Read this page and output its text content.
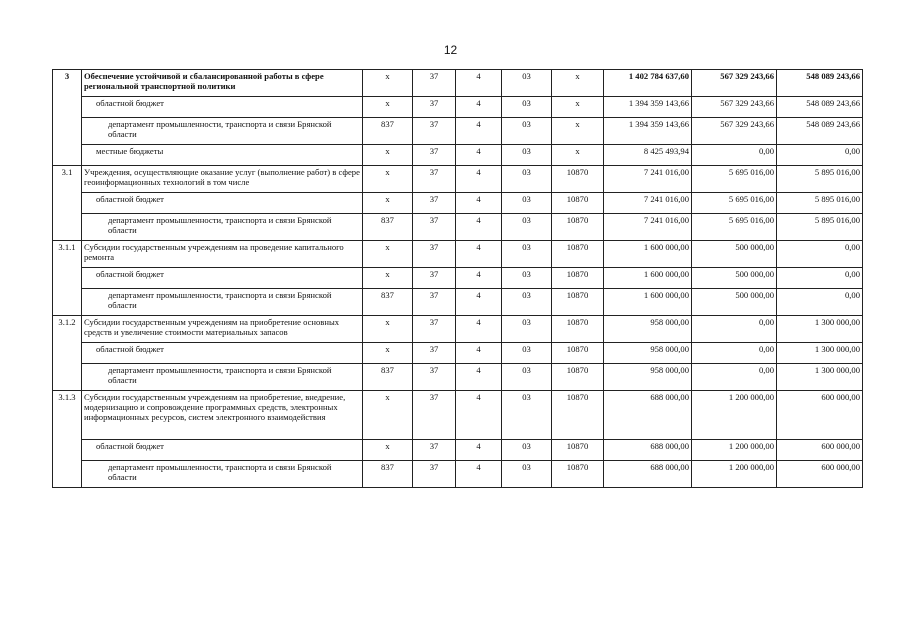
12
3	Обеспечение устойчивой и сбалансированной работы в сфере региональной транспортной политики	х	37	4	03	х	1 402 784 637,60	567 329 243,66	548 089 243,66
	областной бюджет	х	37	4	03	х	1 394 359 143,66	567 329 243,66	548 089 243,66
	департамент промышленности, транспорта и связи Брянской области	837	37	4	03	х	1 394 359 143,66	567 329 243,66	548 089 243,66
	местные бюджеты	х	37	4	03	х	8 425 493,94	0,00	0,00
3.1	Учреждения, осуществляющие оказание услуг (выполнение работ) в сфере геоинформационных технологий в том числе	х	37	4	03	10870	7 241 016,00	5 695 016,00	5 895 016,00
	областной бюджет	х	37	4	03	10870	7 241 016,00	5 695 016,00	5 895 016,00
	департамент промышленности, транспорта и связи Брянской области	837	37	4	03	10870	7 241 016,00	5 695 016,00	5 895 016,00
3.1.1	Субсидии государственным учреждениям на проведение капитального ремонта	х	37	4	03	10870	1 600 000,00	500 000,00	0,00
	областной бюджет	х	37	4	03	10870	1 600 000,00	500 000,00	0,00
	департамент промышленности, транспорта и связи Брянской области	837	37	4	03	10870	1 600 000,00	500 000,00	0,00
3.1.2	Субсидии государственным учреждениям на приобретение основных средств и увеличение стоимости материальных запасов	х	37	4	03	10870	958 000,00	0,00	1 300 000,00
	областной бюджет	х	37	4	03	10870	958 000,00	0,00	1 300 000,00
	департамент промышленности, транспорта и связи Брянской области	837	37	4	03	10870	958 000,00	0,00	1 300 000,00
3.1.3	Субсидии государственным учреждениям на приобретение, внедрение, модернизацию и сопровождение программных средств, электронных информационных ресурсов, систем электронного взаимодействия	х	37	4	03	10870	688 000,00	1 200 000,00	600 000,00
	областной бюджет	х	37	4	03	10870	688 000,00	1 200 000,00	600 000,00
	департамент промышленности, транспорта и связи Брянской области	837	37	4	03	10870	688 000,00	1 200 000,00	600 000,00
